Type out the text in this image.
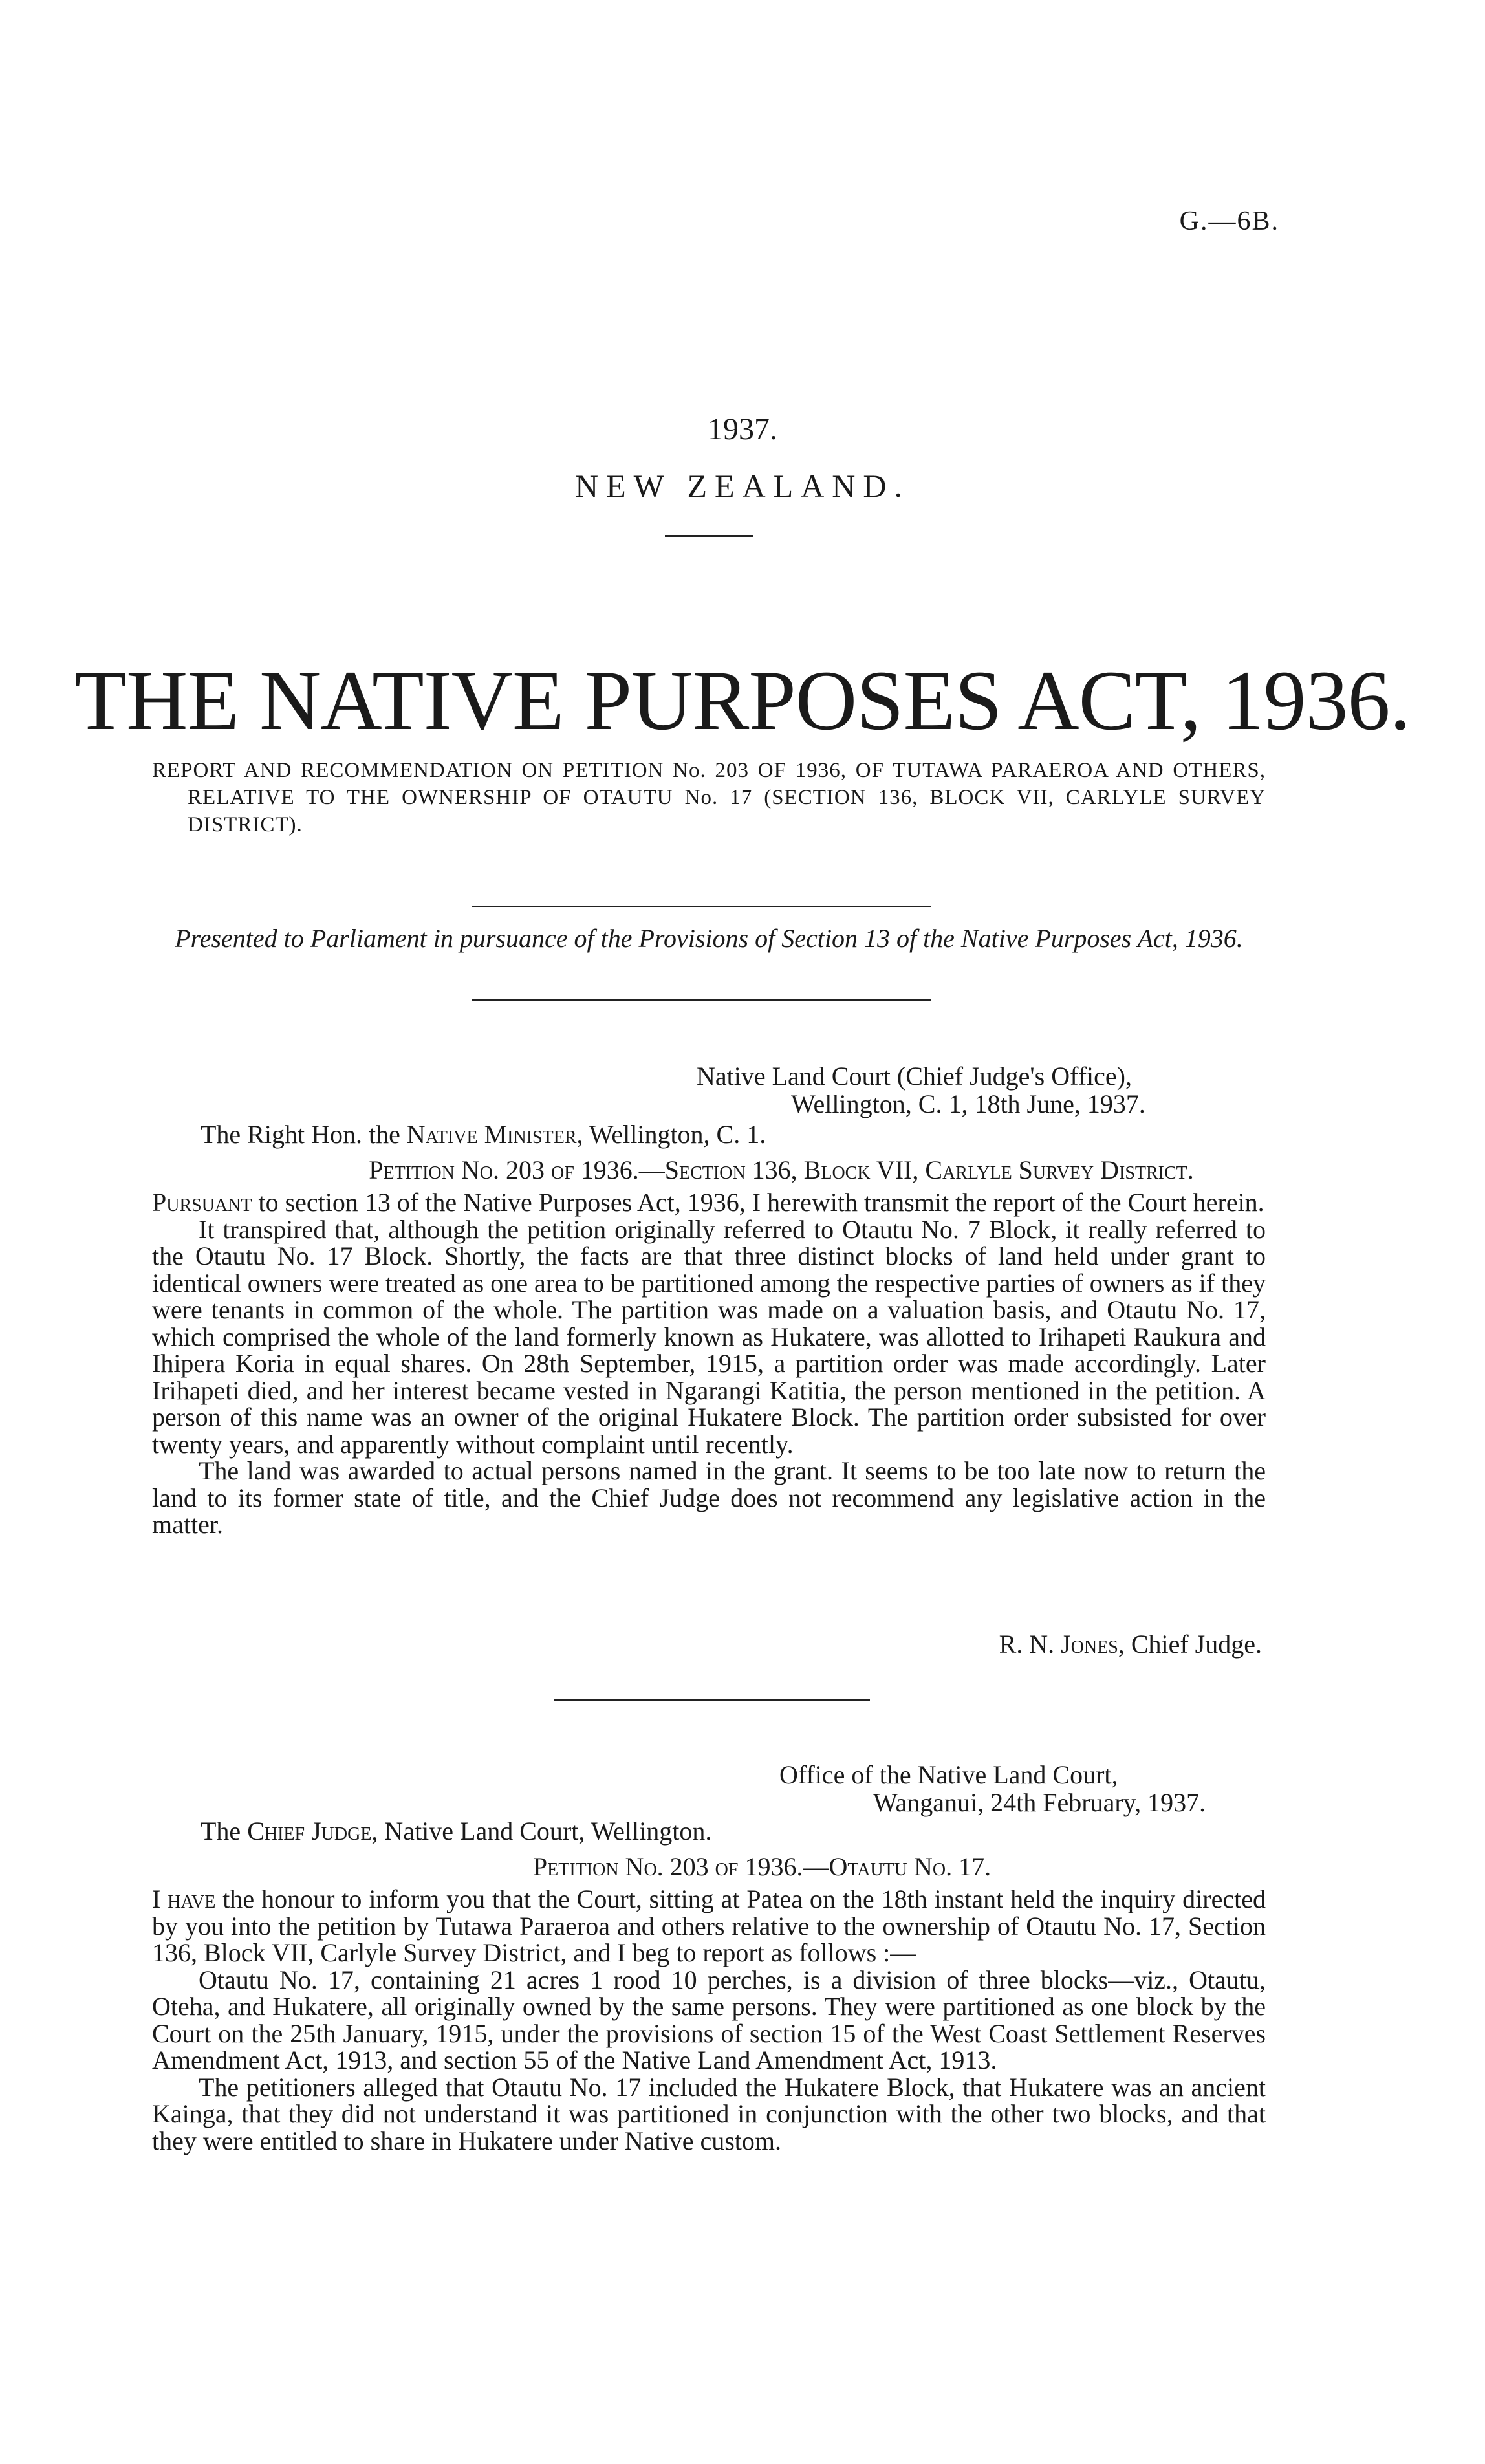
G.—6B.
1937.
NEW ZEALAND.
THE NATIVE PURPOSES ACT, 1936.
REPORT AND RECOMMENDATION ON PETITION No. 203 OF 1936, OF TUTAWA PARAEROA AND OTHERS, RELATIVE TO THE OWNERSHIP OF OTAUTU No. 17 (SECTION 136, BLOCK VII, CARLYLE SURVEY DISTRICT).
Presented to Parliament in pursuance of the Provisions of Section 13 of the Native Purposes Act, 1936.
Native Land Court (Chief Judge's Office),
Wellington, C. 1, 18th June, 1937.
The Right Hon. the Native Minister, Wellington, C. 1.
Petition No. 203 of 1936.—Section 136, Block VII, Carlyle Survey District.

Pursuant to section 13 of the Native Purposes Act, 1936, I herewith transmit the report of the Court herein.

It transpired that, although the petition originally referred to Otautu No. 7 Block, it really referred to the Otautu No. 17 Block. Shortly, the facts are that three distinct blocks of land held under grant to identical owners were treated as one area to be partitioned among the respective parties of owners as if they were tenants in common of the whole. The partition was made on a valuation basis, and Otautu No. 17, which comprised the whole of the land formerly known as Hukatere, was allotted to Irihapeti Raukura and Ihipera Koria in equal shares. On 28th September, 1915, a partition order was made accordingly. Later Irihapeti died, and her interest became vested in Ngarangi Katitia, the person mentioned in the petition. A person of this name was an owner of the original Hukatere Block. The partition order subsisted for over twenty years, and apparently without complaint until recently.

The land was awarded to actual persons named in the grant. It seems to be too late now to return the land to its former state of title, and the Chief Judge does not recommend any legislative action in the matter.

R. N. Jones, Chief Judge.
Office of the Native Land Court,
Wanganui, 24th February, 1937.
The Chief Judge, Native Land Court, Wellington.
Petition No. 203 of 1936.—Otautu No. 17.

I have the honour to inform you that the Court, sitting at Patea on the 18th instant held the inquiry directed by you into the petition by Tutawa Paraeroa and others relative to the ownership of Otautu No. 17, Section 136, Block VII, Carlyle Survey District, and I beg to report as follows :—

Otautu No. 17, containing 21 acres 1 rood 10 perches, is a division of three blocks—viz., Otautu, Oteha, and Hukatere, all originally owned by the same persons. They were partitioned as one block by the Court on the 25th January, 1915, under the provisions of section 15 of the West Coast Settlement Reserves Amendment Act, 1913, and section 55 of the Native Land Amendment Act, 1913.

The petitioners alleged that Otautu No. 17 included the Hukatere Block, that Hukatere was an ancient Kainga, that they did not understand it was partitioned in conjunction with the other two blocks, and that they were entitled to share in Hukatere under Native custom.
